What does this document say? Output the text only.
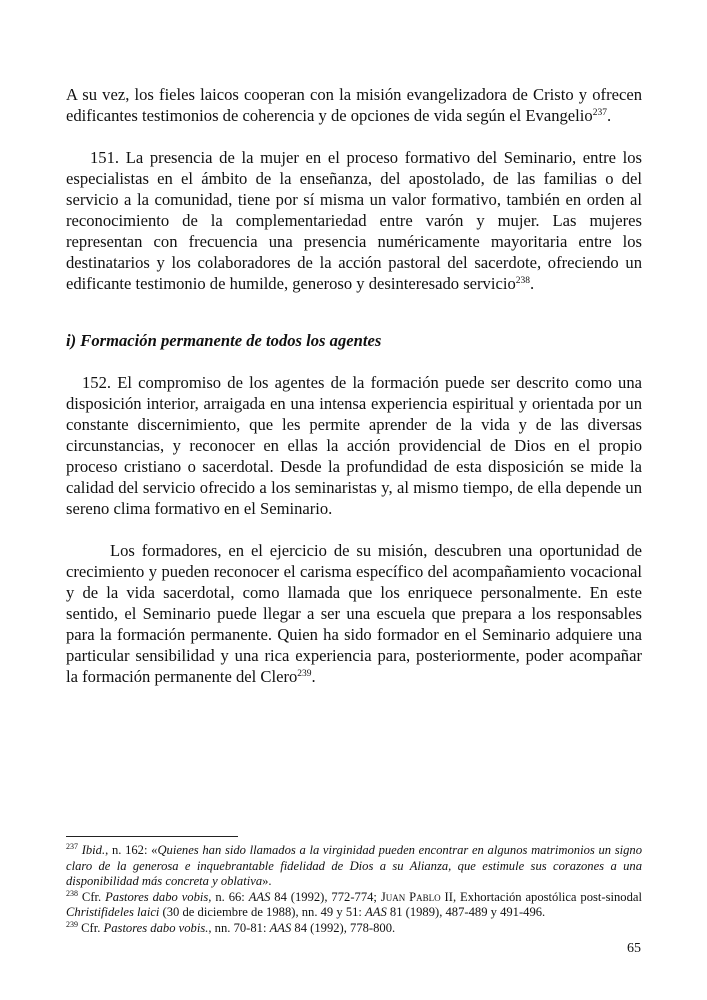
A su vez, los fieles laicos cooperan con la misión evangelizadora de Cristo y ofrecen edificantes testimonios de coherencia y de opciones de vida según el Evangelio$^{237}$.

151. La presencia de la mujer en el proceso formativo del Seminario, entre los especialistas en el ámbito de la enseñanza, del apostolado, de las familias o del servicio a la comunidad, tiene por sí misma un valor formativo, también en orden al reconocimiento de la complementariedad entre varón y mujer. Las mujeres representan con frecuencia una presencia numéricamente mayoritaria entre los destinatarios y los colaboradores de la acción pastoral del sacerdote, ofreciendo un edificante testimonio de humilde, generoso y desinteresado servicio$^{238}$.

i) Formación permanente de todos los agentes

152. El compromiso de los agentes de la formación puede ser descrito como una disposición interior, arraigada en una intensa experiencia espiritual y orientada por un constante discernimiento, que les permite aprender de la vida y de las diversas circunstancias, y reconocer en ellas la acción providencial de Dios en el propio proceso cristiano o sacerdotal. Desde la profundidad de esta disposición se mide la calidad del servicio ofrecido a los seminaristas y, al mismo tiempo, de ella depende un sereno clima formativo en el Seminario.

Los formadores, en el ejercicio de su misión, descubren una oportunidad de crecimiento y pueden reconocer el carisma específico del acompañamiento vocacional y de la vida sacerdotal, como llamada que los enriquece personalmente. En este sentido, el Seminario puede llegar a ser una escuela que prepara a los responsables para la formación permanente. Quien ha sido formador en el Seminario adquiere una particular sensibilidad y una rica experiencia para, posteriormente, poder acompañar la formación permanente del Clero$^{239}$.

$^{237}$ Ibid., n. 162: «Quienes han sido llamados a la virginidad pueden encontrar en algunos matrimonios un signo claro de la generosa e inquebrantable fidelidad de Dios a su Alianza, que estimule sus corazones a una disponibilidad más concreta y oblativa».

$^{238}$ Cfr. Pastores dabo vobis, n. 66: AAS 84 (1992), 772-774; Juan Pablo II, Exhortación apostólica post-sinodal Christifideles laici (30 de diciembre de 1988), nn. 49 y 51: AAS 81 (1989), 487-489 y 491-496.

$^{239}$ Cfr. Pastores dabo vobis., nn. 70-81: AAS 84 (1992), 778-800.

65
